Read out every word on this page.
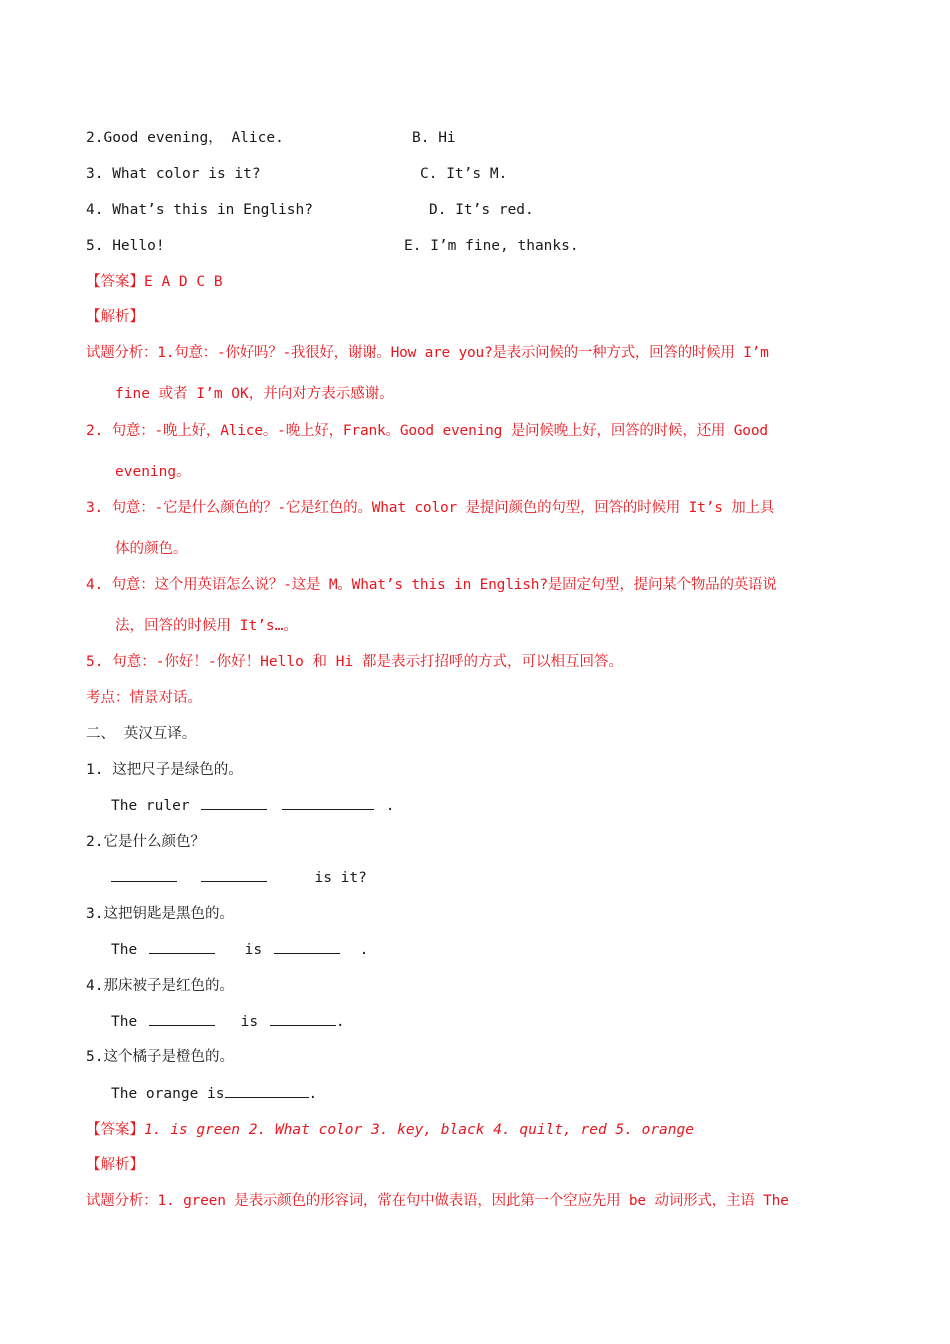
2.Good evening， Alice.	B. Hi
3. What color is it?	C. It’s M.
4. What’s this in English?	D. It’s red.
5. Hello!	E. I’m fine, thanks.
【答案】E A D C B
【解析】
试题分析：1.句意：-你好吗？-我很好，谢谢。How are you?是表示问候的一种方式，回答的时候用 I’m
fine 或者 I’m OK，并向对方表示感谢。
2. 句意：-晚上好，Alice。-晚上好，Frank。Good evening 是问候晚上好，回答的时候，还用 Good
evening。
3. 句意：-它是什么颜色的？-它是红色的。What color 是提问颜色的句型，回答的时候用 It’s 加上具
体的颜色。
4. 句意：这个用英语怎么说？-这是 M。What’s this in English?是固定句型，提问某个物品的英语说
法，回答的时候用 It’s…。
5. 句意：-你好！-你好！Hello 和 Hi 都是表示打招呼的方式，可以相互回答。
考点：情景对话。
二、 英汉互译。
1. 这把尺子是绿色的。
The ruler	.
2.它是什么颜色？
is it?
3.这把钥匙是黑色的。
The	is	.
4.那床被子是红色的。
The	is	.
5.这个橘子是橙色的。
The orange is	.
【答案】1. is green 2. What color 3. key, black 4. quilt, red 5. orange
【解析】
试题分析：1. green 是表示颜色的形容词，常在句中做表语，因此第一个空应先用 be 动词形式，主语 The
